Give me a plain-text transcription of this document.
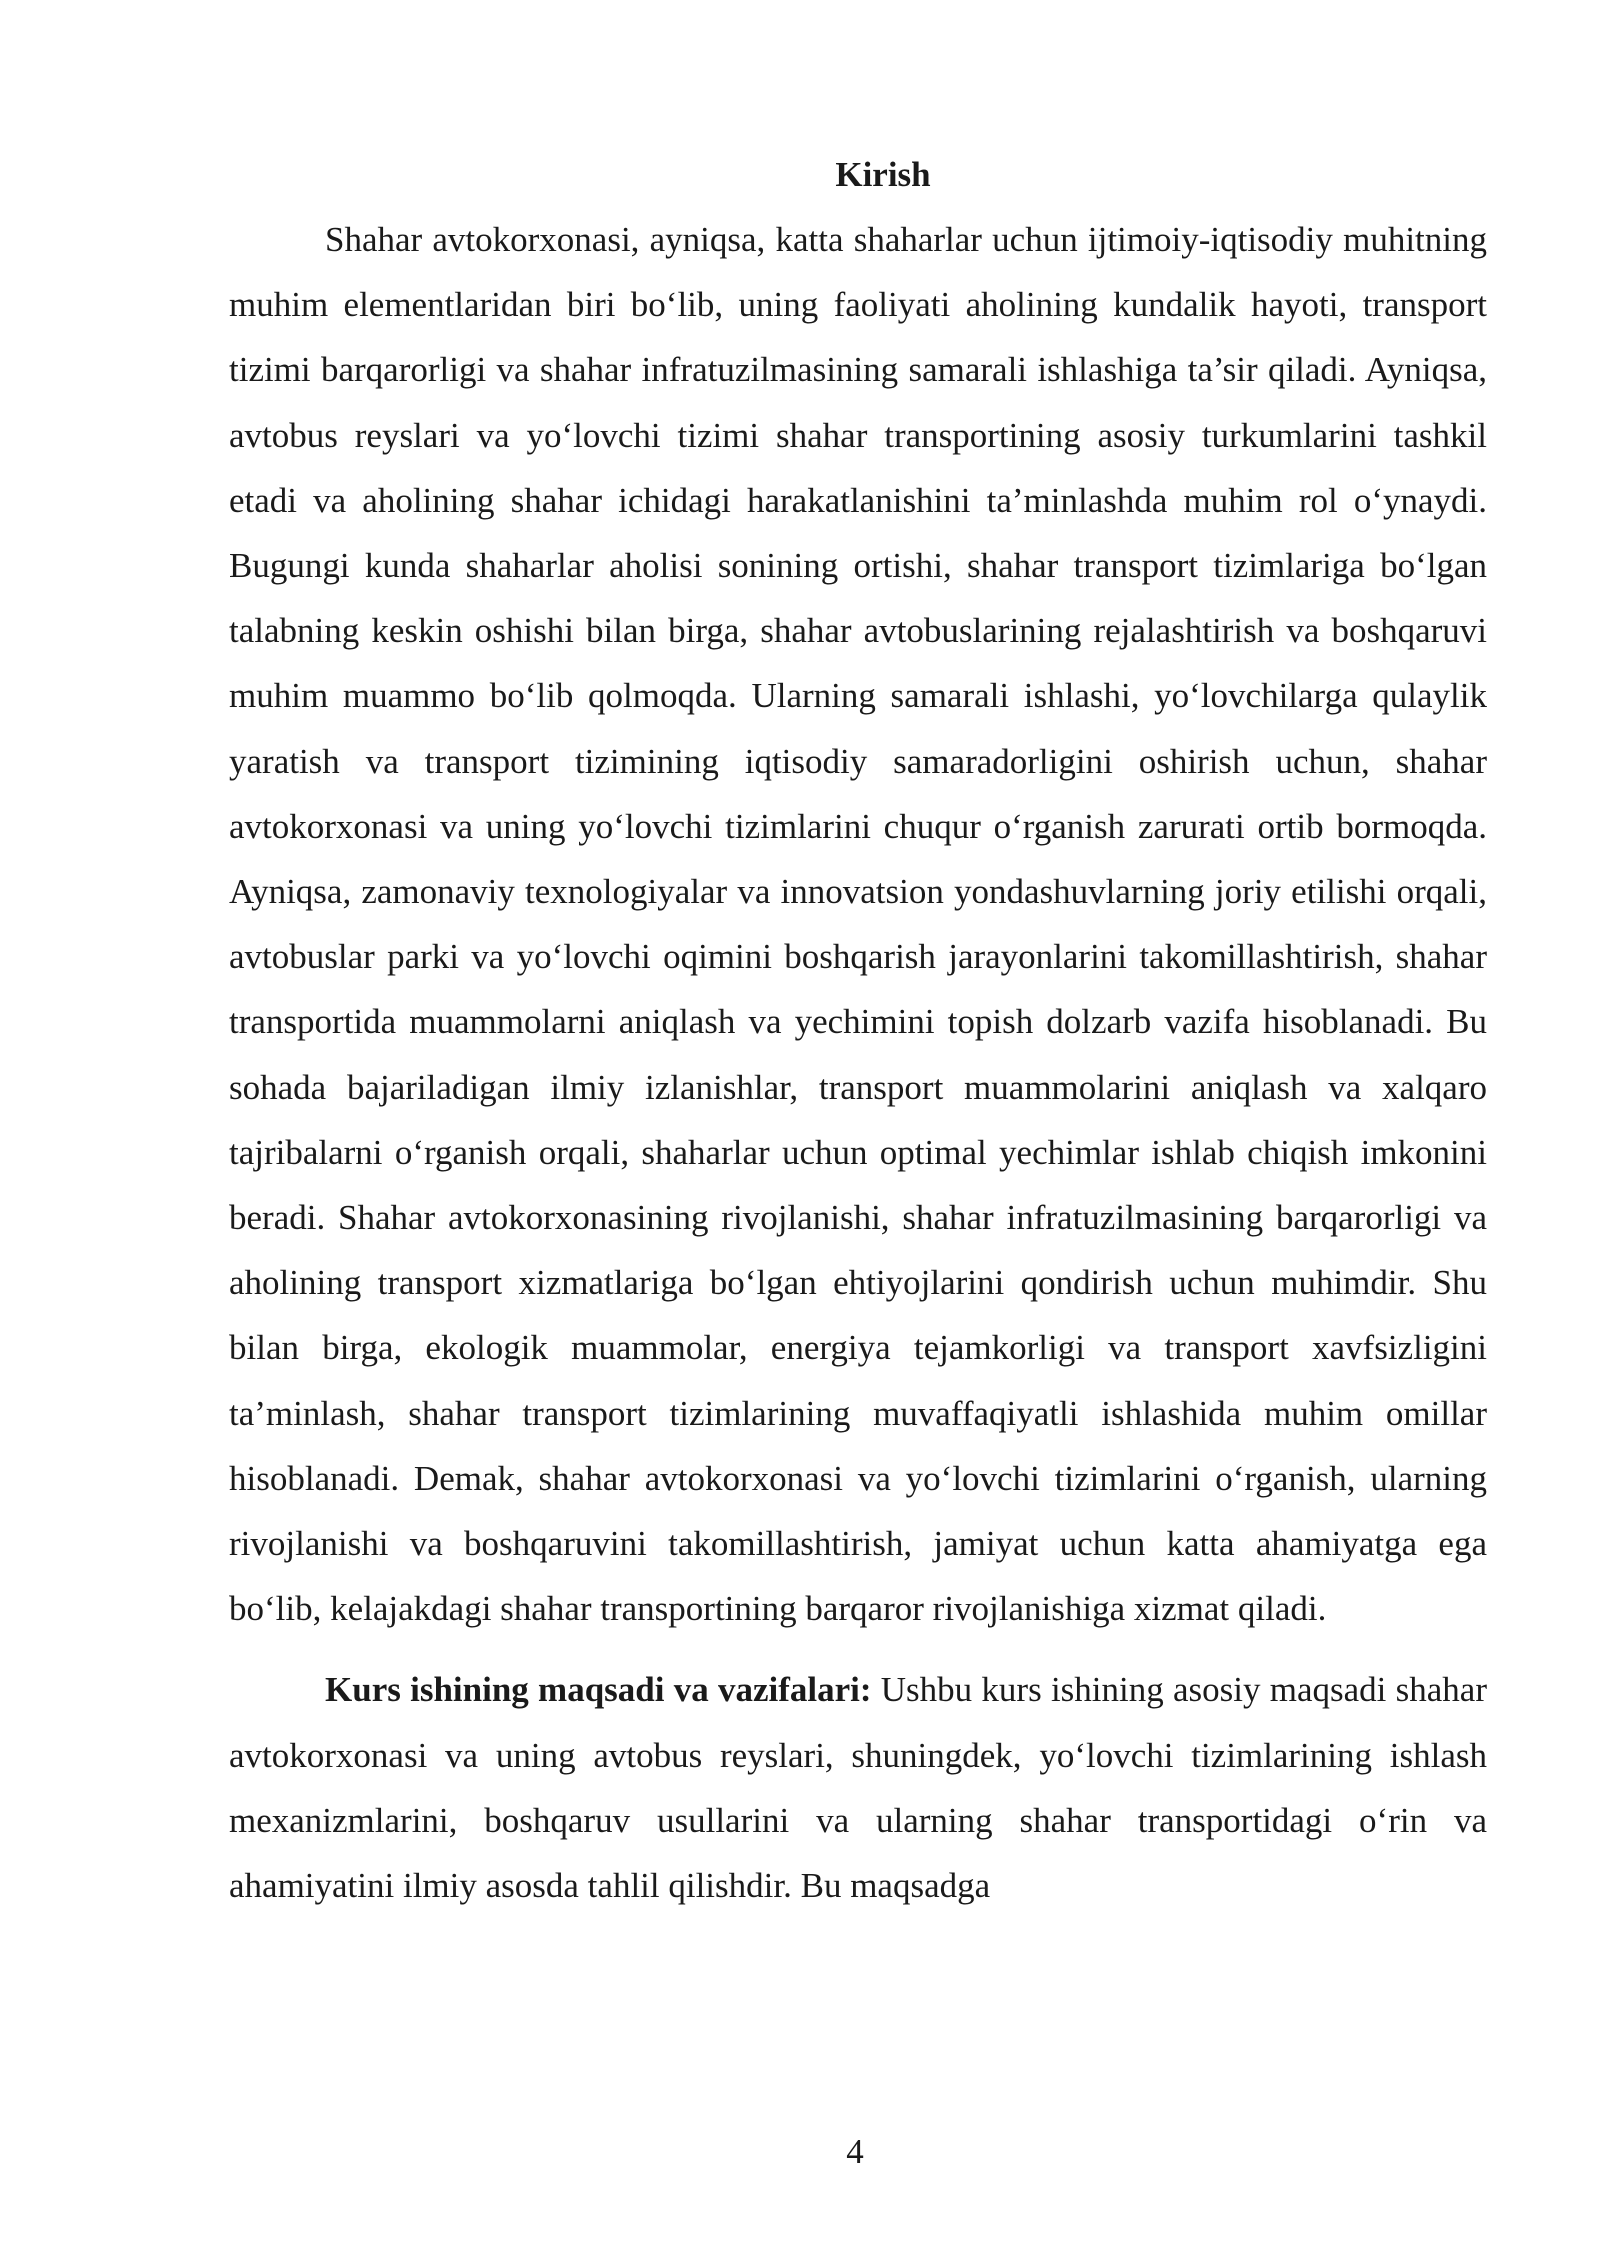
Kirish

Shahar avtokorxonasi, ayniqsa, katta shaharlar uchun ijtimoiy-iqtisodiy muhitning muhim elementlaridan biri bo‘lib, uning faoliyati aholining kundalik hayoti, transport tizimi barqarorligi va shahar infratuzilmasining samarali ishlashiga ta’sir qiladi. Ayniqsa, avtobus reyslari va yo‘lovchi tizimi shahar transportining asosiy turkumlarini tashkil etadi va aholining shahar ichidagi harakatlanishini ta’minlashda muhim rol o‘ynaydi. Bugungi kunda shaharlar aholisi sonining ortishi, shahar transport tizimlariga bo‘lgan talabning keskin oshishi bilan birga, shahar avtobuslarining rejalashtirish va boshqaruvi muhim muammo bo‘lib qolmoqda. Ularning samarali ishlashi, yo‘lovchilarga qulaylik yaratish va transport tizimining iqtisodiy samaradorligini oshirish uchun, shahar avtokorxonasi va uning yo‘lovchi tizimlarini chuqur o‘rganish zarurati ortib bormoqda. Ayniqsa, zamonaviy texnologiyalar va innovatsion yondashuvlarning joriy etilishi orqali, avtobuslar parki va yo‘lovchi oqimini boshqarish jarayonlarini takomillashtirish, shahar transportida muammolarni aniqlash va yechimini topish dolzarb vazifa hisoblanadi. Bu sohada bajariladigan ilmiy izlanishlar, transport muammolarini aniqlash va xalqaro tajribalarni o‘rganish orqali, shaharlar uchun optimal yechimlar ishlab chiqish imkonini beradi. Shahar avtokorxonasining rivojlanishi, shahar infratuzilmasining barqarorligi va aholining transport xizmatlariga bo‘lgan ehtiyojlarini qondirish uchun muhimdir. Shu bilan birga, ekologik muammolar, energiya tejamkorligi va transport xavfsizligini ta’minlash, shahar transport tizimlarining muvaffaqiyatli ishlashida muhim omillar hisoblanadi. Demak, shahar avtokorxonasi va yo‘lovchi tizimlarini o‘rganish, ularning rivojlanishi va boshqaruvini takomillashtirish, jamiyat uchun katta ahamiyatga ega bo‘lib, kelajakdagi shahar transportining barqaror rivojlanishiga xizmat qiladi.

Kurs ishining maqsadi va vazifalari: Ushbu kurs ishining asosiy maqsadi shahar avtokorxonasi va uning avtobus reyslari, shuningdek, yo‘lovchi tizimlarining ishlash mexanizmlarini, boshqaruv usullarini va ularning shahar transportidagi o‘rin va ahamiyatini ilmiy asosda tahlil qilishdir. Bu maqsadga

4
